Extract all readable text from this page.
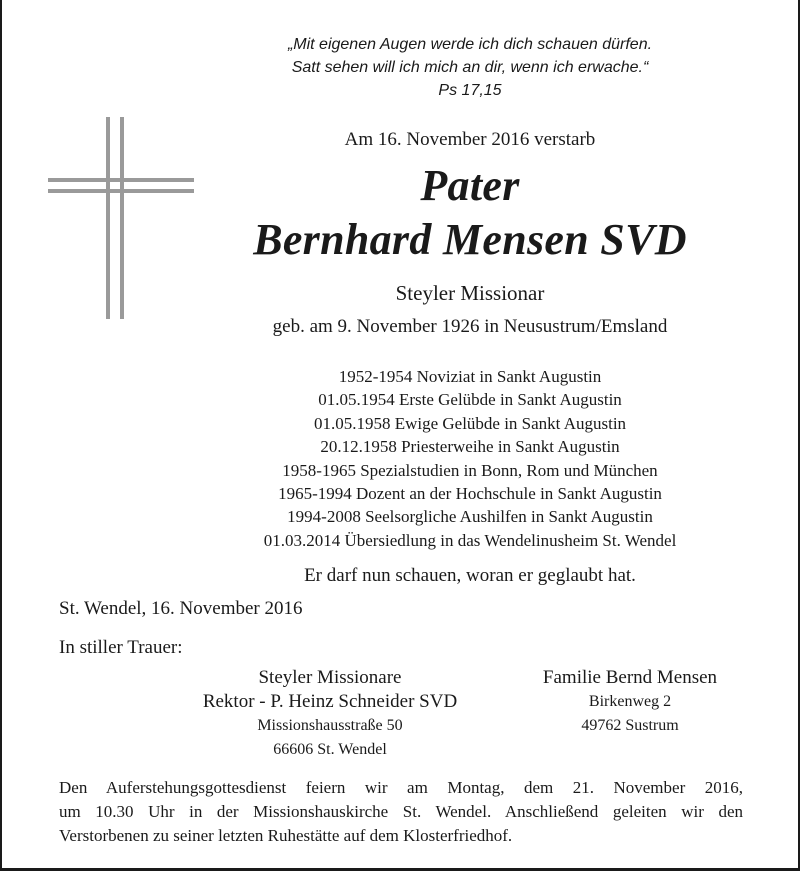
„Mit eigenen Augen werde ich dich schauen dürfen.
Satt sehen will ich mich an dir, wenn ich erwache.“
Ps 17,15
Am 16. November 2016 verstarb
Pater
Bernhard Mensen SVD
Steyler Missionar
geb. am 9. November 1926 in Neusustrum/Emsland
1952-1954 Noviziat in Sankt Augustin
01.05.1954 Erste Gelübde in Sankt Augustin
01.05.1958 Ewige Gelübde in Sankt Augustin
20.12.1958 Priesterweihe in Sankt Augustin
1958-1965 Spezialstudien in Bonn, Rom und München
1965-1994 Dozent an der Hochschule in Sankt Augustin
1994-2008 Seelsorgliche Aushilfen in Sankt Augustin
01.03.2014 Übersiedlung in das Wendelinusheim St. Wendel
Er darf nun schauen, woran er geglaubt hat.
St. Wendel, 16. November 2016
In stiller Trauer:
Steyler Missionare
Rektor - P. Heinz Schneider SVD
Missionshausstraße 50
66606 St. Wendel
Familie Bernd Mensen
Birkenweg 2
49762 Sustrum
Den Auferstehungsgottesdienst feiern wir am Montag, dem 21. November 2016,
um 10.30 Uhr in der Missionshauskirche St. Wendel. Anschließend geleiten wir den
Verstorbenen zu seiner letzten Ruhestätte auf dem Klosterfriedhof.
